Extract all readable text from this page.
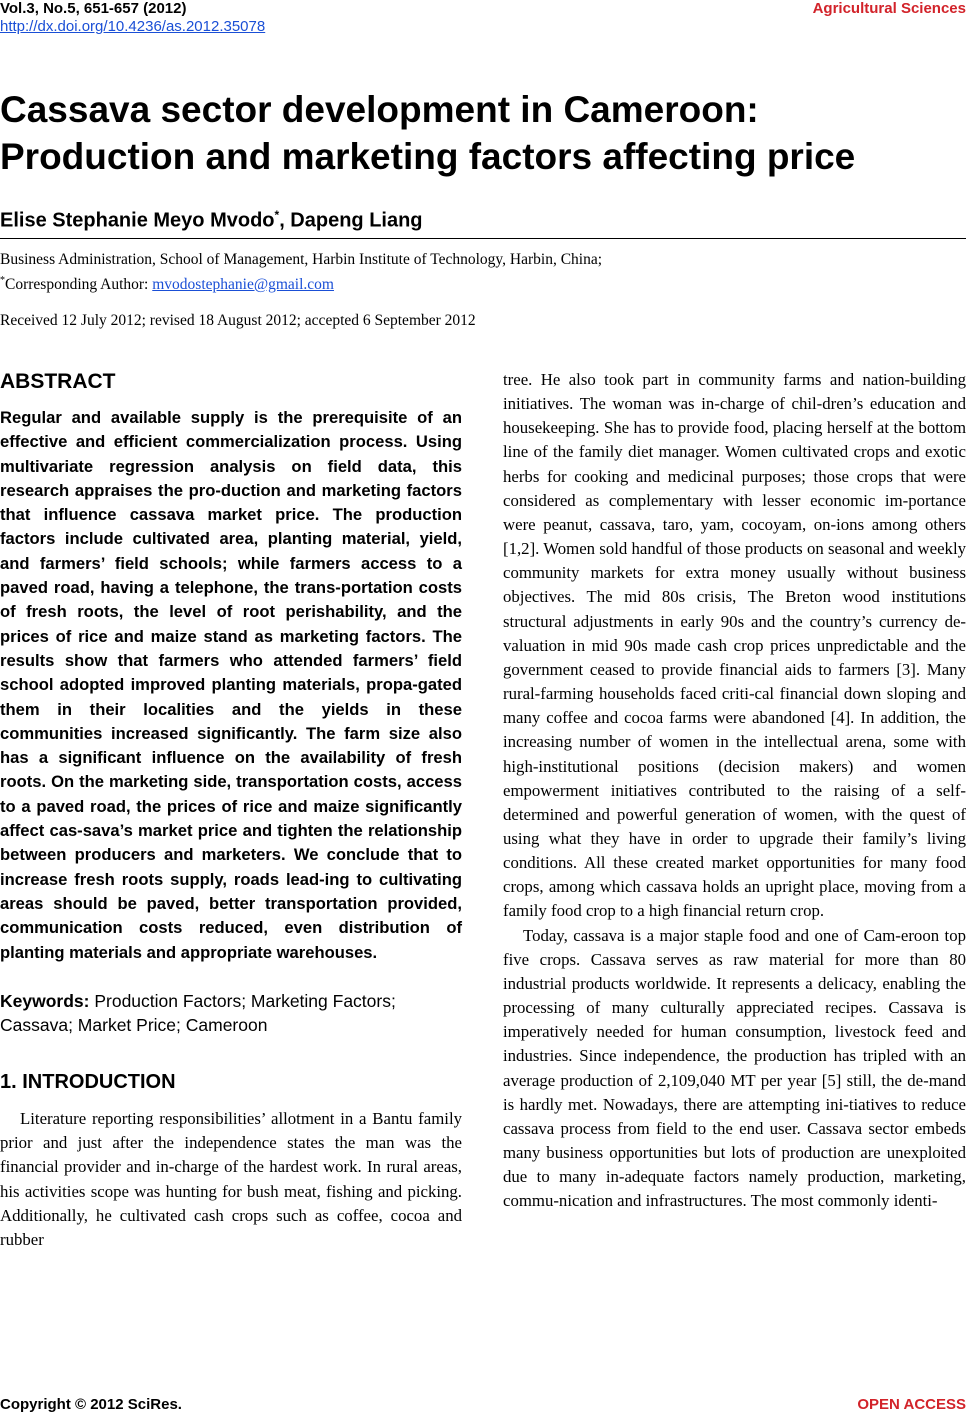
Vol.3, No.5, 651-657 (2012)
http://dx.doi.org/10.4236/as.2012.35078
Agricultural Sciences
Cassava sector development in Cameroon:
Production and marketing factors affecting price
Elise Stephanie Meyo Mvodo*, Dapeng Liang
Business Administration, School of Management, Harbin Institute of Technology, Harbin, China;
*Corresponding Author: mvodostephanie@gmail.com
Received 12 July 2012; revised 18 August 2012; accepted 6 September 2012
ABSTRACT

Regular and available supply is the prerequisite of an effective and efficient commercialization process. Using multivariate regression analysis on field data, this research appraises the pro-duction and marketing factors that influence cassava market price. The production factors include cultivated area, planting material, yield, and farmers’ field schools; while farmers access to a paved road, having a telephone, the trans-portation costs of fresh roots, the level of root perishability, and the prices of rice and maize stand as marketing factors. The results show that farmers who attended farmers’ field school adopted improved planting materials, propa-gated them in their localities and the yields in these communities increased significantly. The farm size also has a significant influence on the availability of fresh roots. On the marketing side, transportation costs, access to a paved road, the prices of rice and maize significantly affect cas-sava’s market price and tighten the relationship between producers and marketers. We conclude that to increase fresh roots supply, roads lead-ing to cultivating areas should be paved, better transportation provided, communication costs reduced, even distribution of planting materials and appropriate warehouses.

Keywords: Production Factors; Marketing Factors; Cassava; Market Price; Cameroon

1. INTRODUCTION

Literature reporting responsibilities’ allotment in a Bantu family prior and just after the independence states the man was the financial provider and in-charge of the hardest work. In rural areas, his activities scope was hunting for bush meat, fishing and picking. Additionally, he cultivated cash crops such as coffee, cocoa and rubber

tree. He also took part in community farms and nation-building initiatives. The woman was in-charge of chil-dren’s education and housekeeping. She has to provide food, placing herself at the bottom line of the family diet manager. Women cultivated crops and exotic herbs for cooking and medicinal purposes; those crops that were considered as complementary with lesser economic im-portance were peanut, cassava, taro, yam, cocoyam, on-ions among others [1,2]. Women sold handful of those products on seasonal and weekly community markets for extra money usually without business objectives. The mid 80s crisis, The Breton wood institutions structural adjustments in early 90s and the country’s currency de-valuation in mid 90s made cash crop prices unpredictable and the government ceased to provide financial aids to farmers [3]. Many rural-farming households faced criti-cal financial down sloping and many coffee and cocoa farms were abandoned [4]. In addition, the increasing number of women in the intellectual arena, some with high-institutional positions (decision makers) and women empowerment initiatives contributed to the raising of a self-determined and powerful generation of women, with the quest of using what they have in order to upgrade their family’s living conditions. All these created market opportunities for many food crops, among which cassava holds an upright place, moving from a family food crop to a high financial return crop.

Today, cassava is a major staple food and one of Cam-eroon top five crops. Cassava serves as raw material for more than 80 industrial products worldwide. It represents a delicacy, enabling the processing of many culturally appreciated recipes. Cassava is imperatively needed for human consumption, livestock feed and industries. Since independence, the production has tripled with an average production of 2,109,040 MT per year [5] still, the de-mand is hardly met. Nowadays, there are attempting ini-tiatives to reduce cassava process from field to the end user. Cassava sector embeds many business opportunities but lots of production are unexploited due to many in-adequate factors namely production, marketing, commu-nication and infrastructures. The most commonly identi-

Copyright © 2012 SciRes.	OPEN ACCESS
